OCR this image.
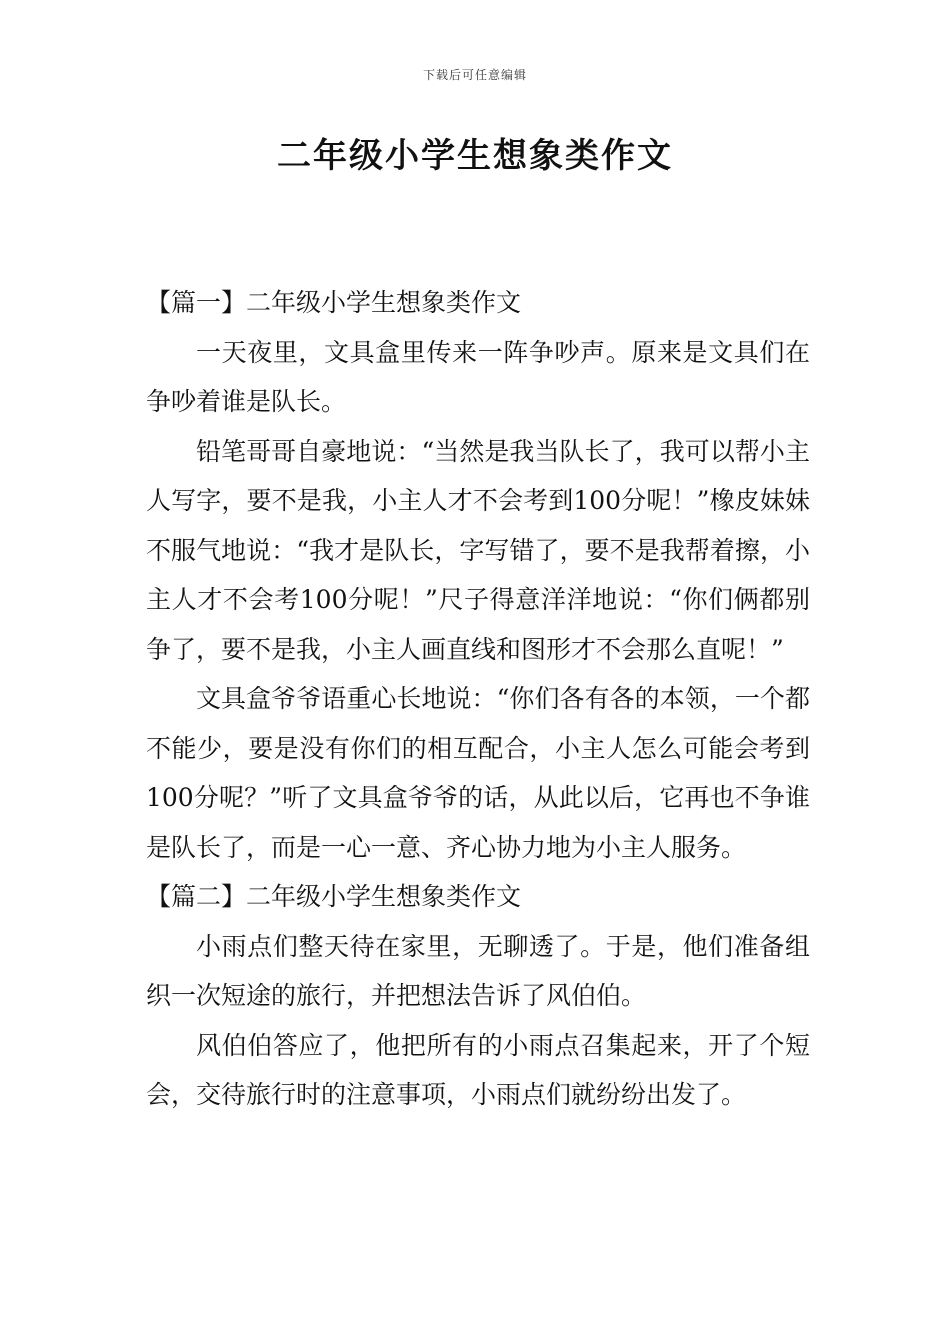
下载后可任意编辑
二年级小学生想象类作文

【篇一】二年级小学生想象类作文

一天夜里，文具盒里传来一阵争吵声。原来是文具们在争吵着谁是队长。

铅笔哥哥自豪地说：“当然是我当队长了，我可以帮小主人写字，要不是我，小主人才不会考到100分呢！”橡皮妹妹不服气地说：“我才是队长，字写错了，要不是我帮着擦，小主人才不会考100分呢！”尺子得意洋洋地说：“你们俩都别争了，要不是我，小主人画直线和图形才不会那么直呢！”

文具盒爷爷语重心长地说：“你们各有各的本领，一个都不能少，要是没有你们的相互配合，小主人怎么可能会考到100分呢？”听了文具盒爷爷的话，从此以后，它再也不争谁是队长了，而是一心一意、齐心协力地为小主人服务。

【篇二】二年级小学生想象类作文

小雨点们整天待在家里，无聊透了。于是，他们准备组织一次短途的旅行，并把想法告诉了风伯伯。

风伯伯答应了，他把所有的小雨点召集起来，开了个短会，交待旅行时的注意事项，小雨点们就纷纷出发了。
